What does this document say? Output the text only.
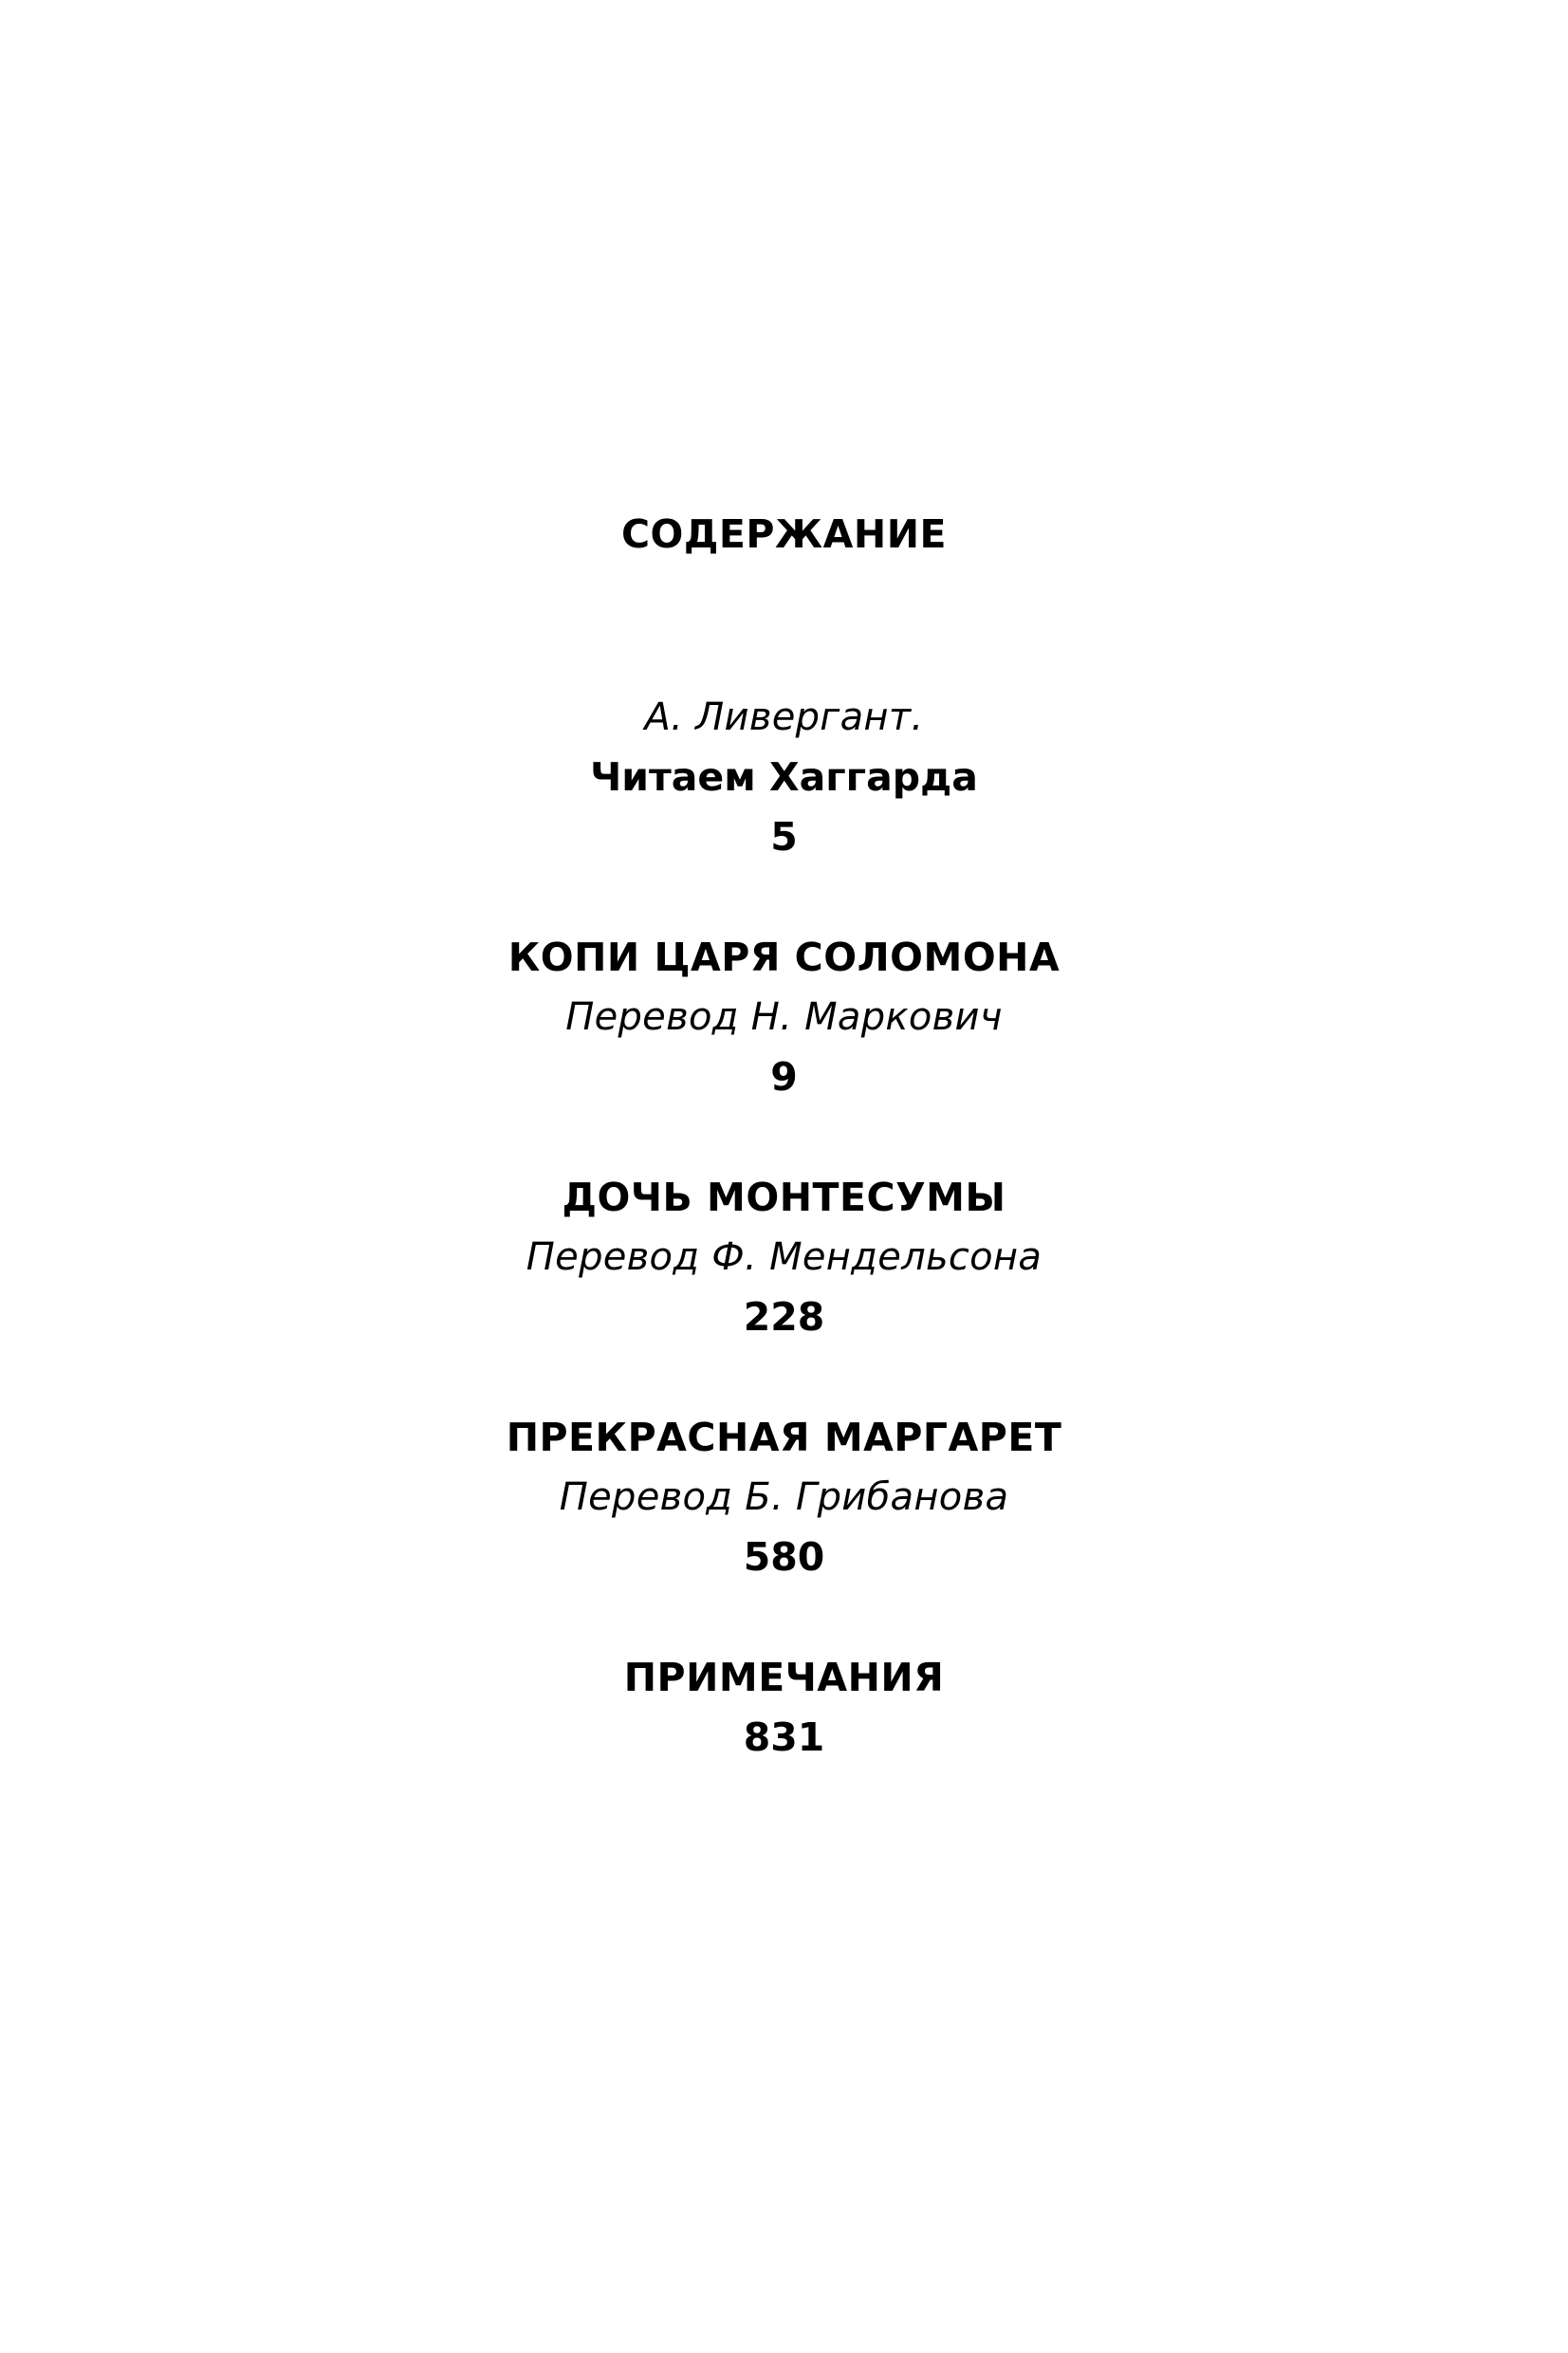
СОДЕРЖАНИЕ
А. Ливергант.
Читаем Хаггарда
5
КОПИ ЦАРЯ СОЛОМОНА
Перевод Н. Маркович
9
ДОЧЬ МОНТЕСУМЫ
Перевод Ф. Мендельсона
228
ПРЕКРАСНАЯ МАРГАРЕТ
Перевод Б. Грибанова
580
ПРИМЕЧАНИЯ
831
